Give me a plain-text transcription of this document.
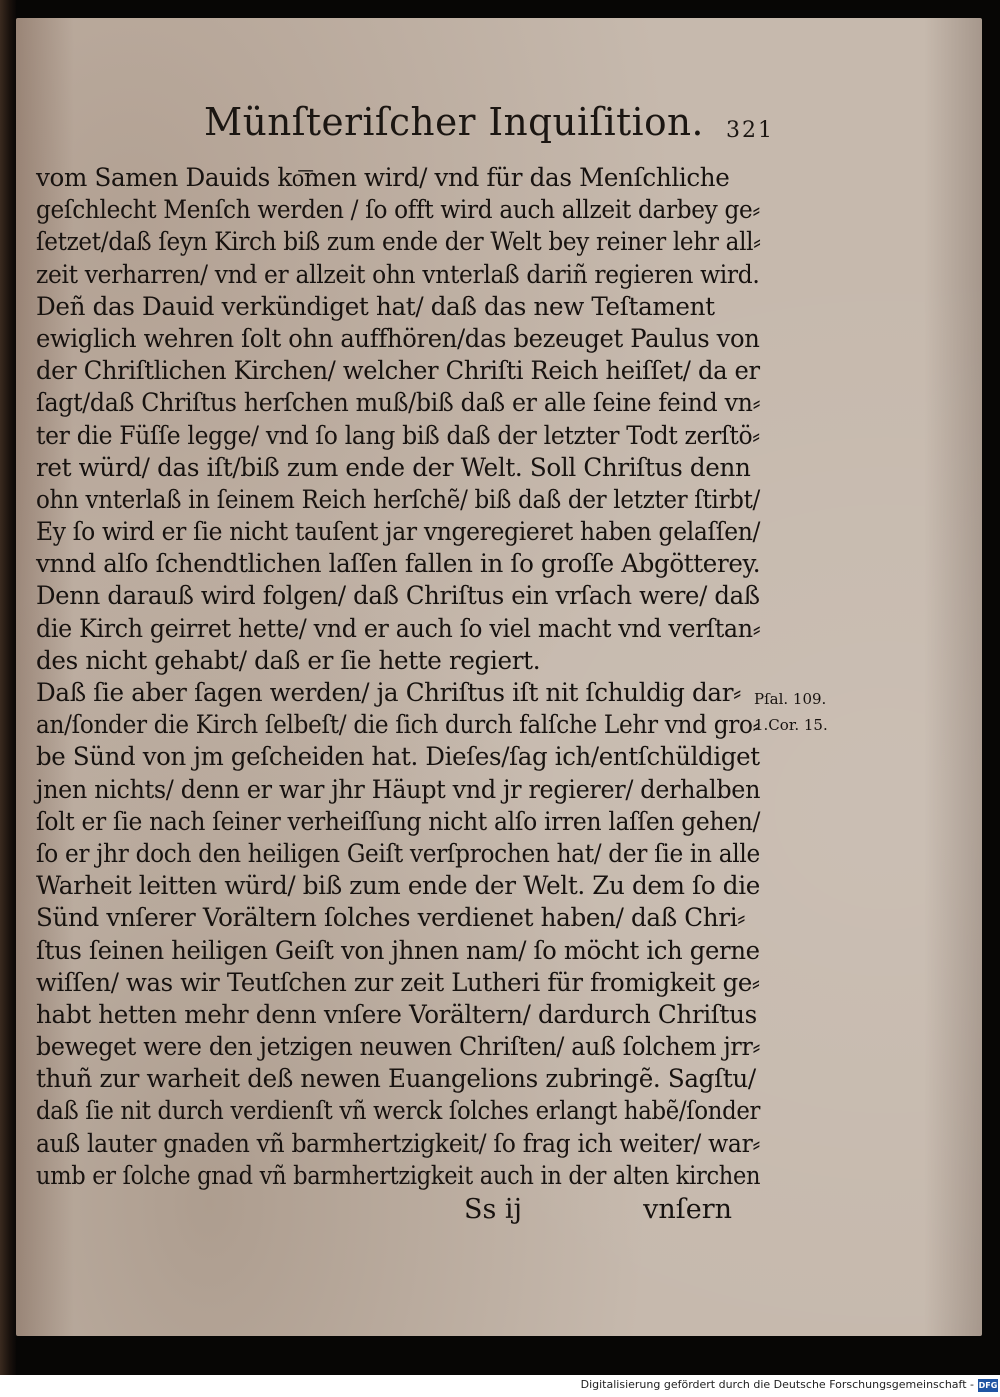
Münſteriſcher Inquiſition. 321
vom Samen Dauids ko͞men wird/ vnd für das Menſchliche
geſchlecht Menſch werden / ſo offt wird auch allzeit darbey ge⸗
ſetzet/daß ſeyn Kirch biß zum ende der Welt bey reiner lehr all⸗
zeit verharren/ vnd er allzeit ohn vnterlaß dariñ regieren wird.
Deñ das Dauid verkündiget hat/ daß das new Teſtament
ewiglich wehren ſolt ohn auffhören/das bezeuget Paulus von
der Chriſtlichen Kirchen/ welcher Chriſti Reich heiſſet/ da er
ſagt/daß Chriſtus herſchen muß/biß daß er alle ſeine feind vn⸗
ter die Füſſe legge/ vnd ſo lang biß daß der letzter Todt zerſtö⸗
ret würd/ das iſt/biß zum ende der Welt. Soll Chriſtus denn
ohn vnterlaß in ſeinem Reich herſchẽ/ biß daß der letzter ſtirbt/
Ey ſo wird er ſie nicht tauſent jar vngeregieret haben gelaſſen/
vnnd alſo ſchendtlichen laſſen fallen in ſo groſſe Abgötterey.
Denn darauß wird folgen/ daß Chriſtus ein vrſach were/ daß
die Kirch geirret hette/ vnd er auch ſo viel macht vnd verſtan⸗
des nicht gehabt/ daß er ſie hette regiert.
Daß ſie aber ſagen werden/ ja Chriſtus iſt nit ſchuldig dar⸗
an/ſonder die Kirch ſelbeſt/ die ſich durch falſche Lehr vnd gro⸗
be Sünd von jm geſcheiden hat. Dieſes/ſag ich/entſchüldiget
jnen nichts/ denn er war jhr Häupt vnd jr regierer/ derhalben
ſolt er ſie nach ſeiner verheiſſung nicht alſo irren laſſen gehen/
ſo er jhr doch den heiligen Geiſt verſprochen hat/ der ſie in alle
Warheit leitten würd/ biß zum ende der Welt. Zu dem ſo die
Sünd vnſerer Vorältern ſolches verdienet haben/ daß Chri⸗
ſtus ſeinen heiligen Geiſt von jhnen nam/ ſo möcht ich gerne
wiſſen/ was wir Teutſchen zur zeit Lutheri für fromigkeit ge⸗
habt hetten mehr denn vnſere Vorältern/ dardurch Chriſtus
beweget were den jetzigen neuwen Chriſten/ auß ſolchem jrr⸗
thuñ zur warheit deß newen Euangelions zubringẽ. Sagſtu/
daß ſie nit durch verdienſt vñ werck ſolches erlangt habẽ/ſonder
auß lauter gnaden vñ barmhertzigkeit/ ſo frag ich weiter/ war⸗
umb er ſolche gnad vñ barmhertzigkeit auch in der alten kirchen
Pſal. 109.
1.Cor. 15.
Ss ij	vnſern
Digitalisierung gefördert durch die Deutsche Forschungsgemeinschaft - DFG
